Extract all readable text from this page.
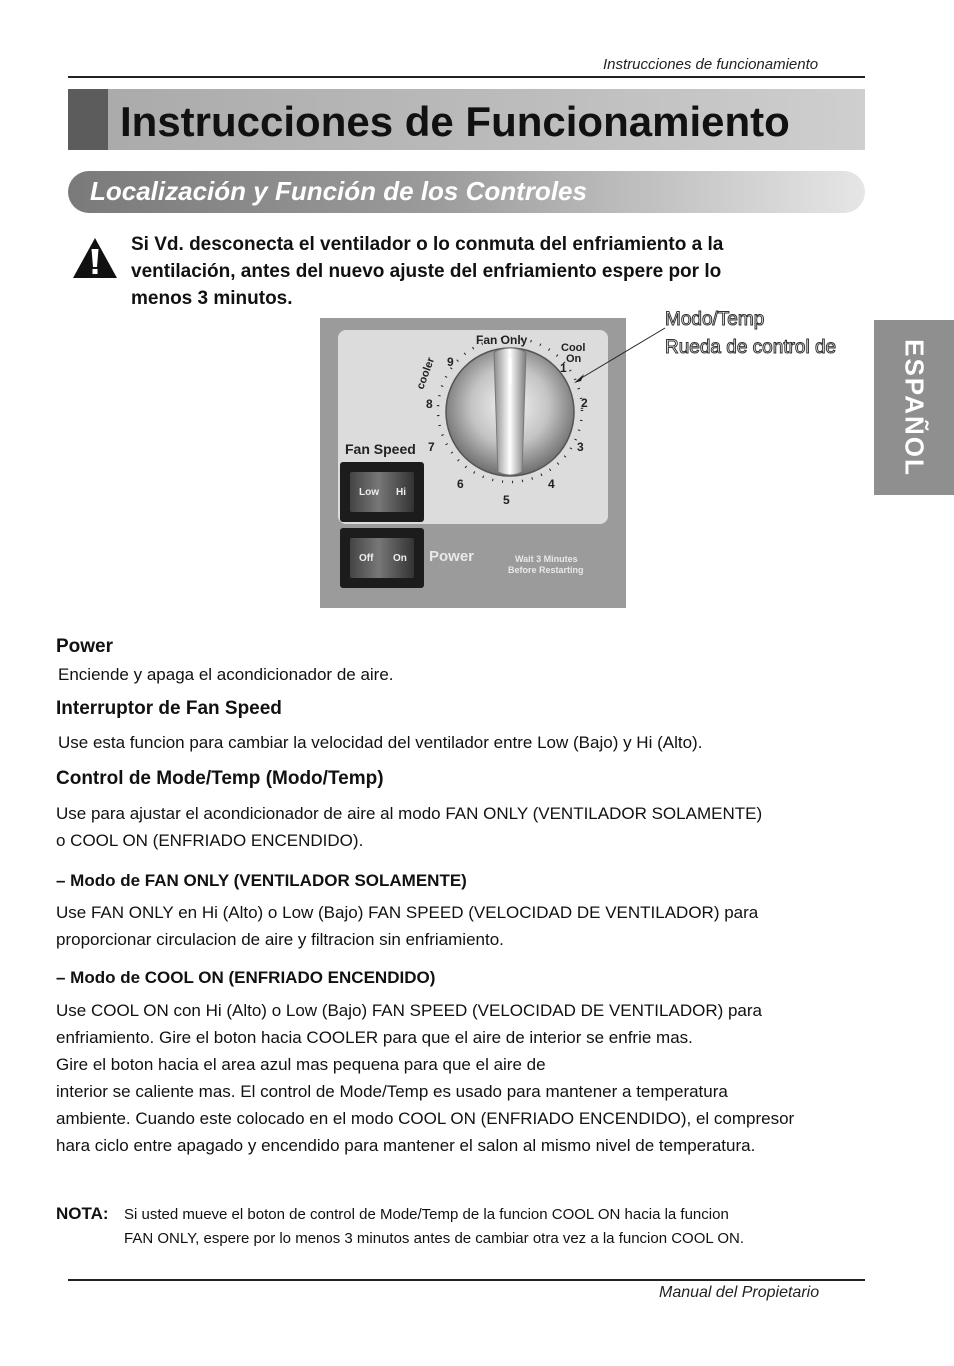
Instrucciones de funcionamiento
Instrucciones de Funcionamiento
Localización y Función de los Controles
ESPAÑOL
Si Vd. desconecta el ventilador o lo conmuta del enfriamiento a la
ventilación, antes del nuevo ajuste del enfriamiento espere por lo
menos 3 minutos.
Fan Only
Cool
On
cooler	1
2
3
4
5
6
7
8
9
Fan Speed
Low Hi
Off On Power	Wait 3 Minutes
Before Restarting
Modo/Temp
Rueda de control de
Power
Enciende y apaga el acondicionador de aire.
Interruptor de Fan Speed
Use esta funcion para cambiar la velocidad del ventilador entre Low (Bajo) y Hi (Alto).
Control de Mode/Temp (Modo/Temp)
Use para ajustar el acondicionador de aire al modo FAN ONLY (VENTILADOR SOLAMENTE)
o COOL ON (ENFRIADO ENCENDIDO).
– Modo de FAN ONLY (VENTILADOR SOLAMENTE)
Use FAN ONLY en Hi (Alto) o Low (Bajo) FAN SPEED (VELOCIDAD DE VENTILADOR) para
proporcionar circulacion de aire y filtracion sin enfriamiento.
– Modo de COOL ON (ENFRIADO ENCENDIDO)
Use COOL ON con Hi (Alto) o Low (Bajo) FAN SPEED (VELOCIDAD DE VENTILADOR) para
enfriamiento. Gire el boton hacia COOLER para que el aire de interior se enfrie mas.
Gire el boton hacia el area azul mas pequena para que el aire de
interior se caliente mas. El control de Mode/Temp es usado para mantener a temperatura
ambiente. Cuando este colocado en el modo COOL ON (ENFRIADO ENCENDIDO), el compresor
hara ciclo entre apagado y encendido para mantener el salon al mismo nivel de temperatura.
NOTA: Si usted mueve el boton de control de Mode/Temp de la funcion COOL ON hacia la funcion
FAN ONLY, espere por lo menos 3 minutos antes de cambiar otra vez a la funcion COOL ON.
Manual del Propietario
